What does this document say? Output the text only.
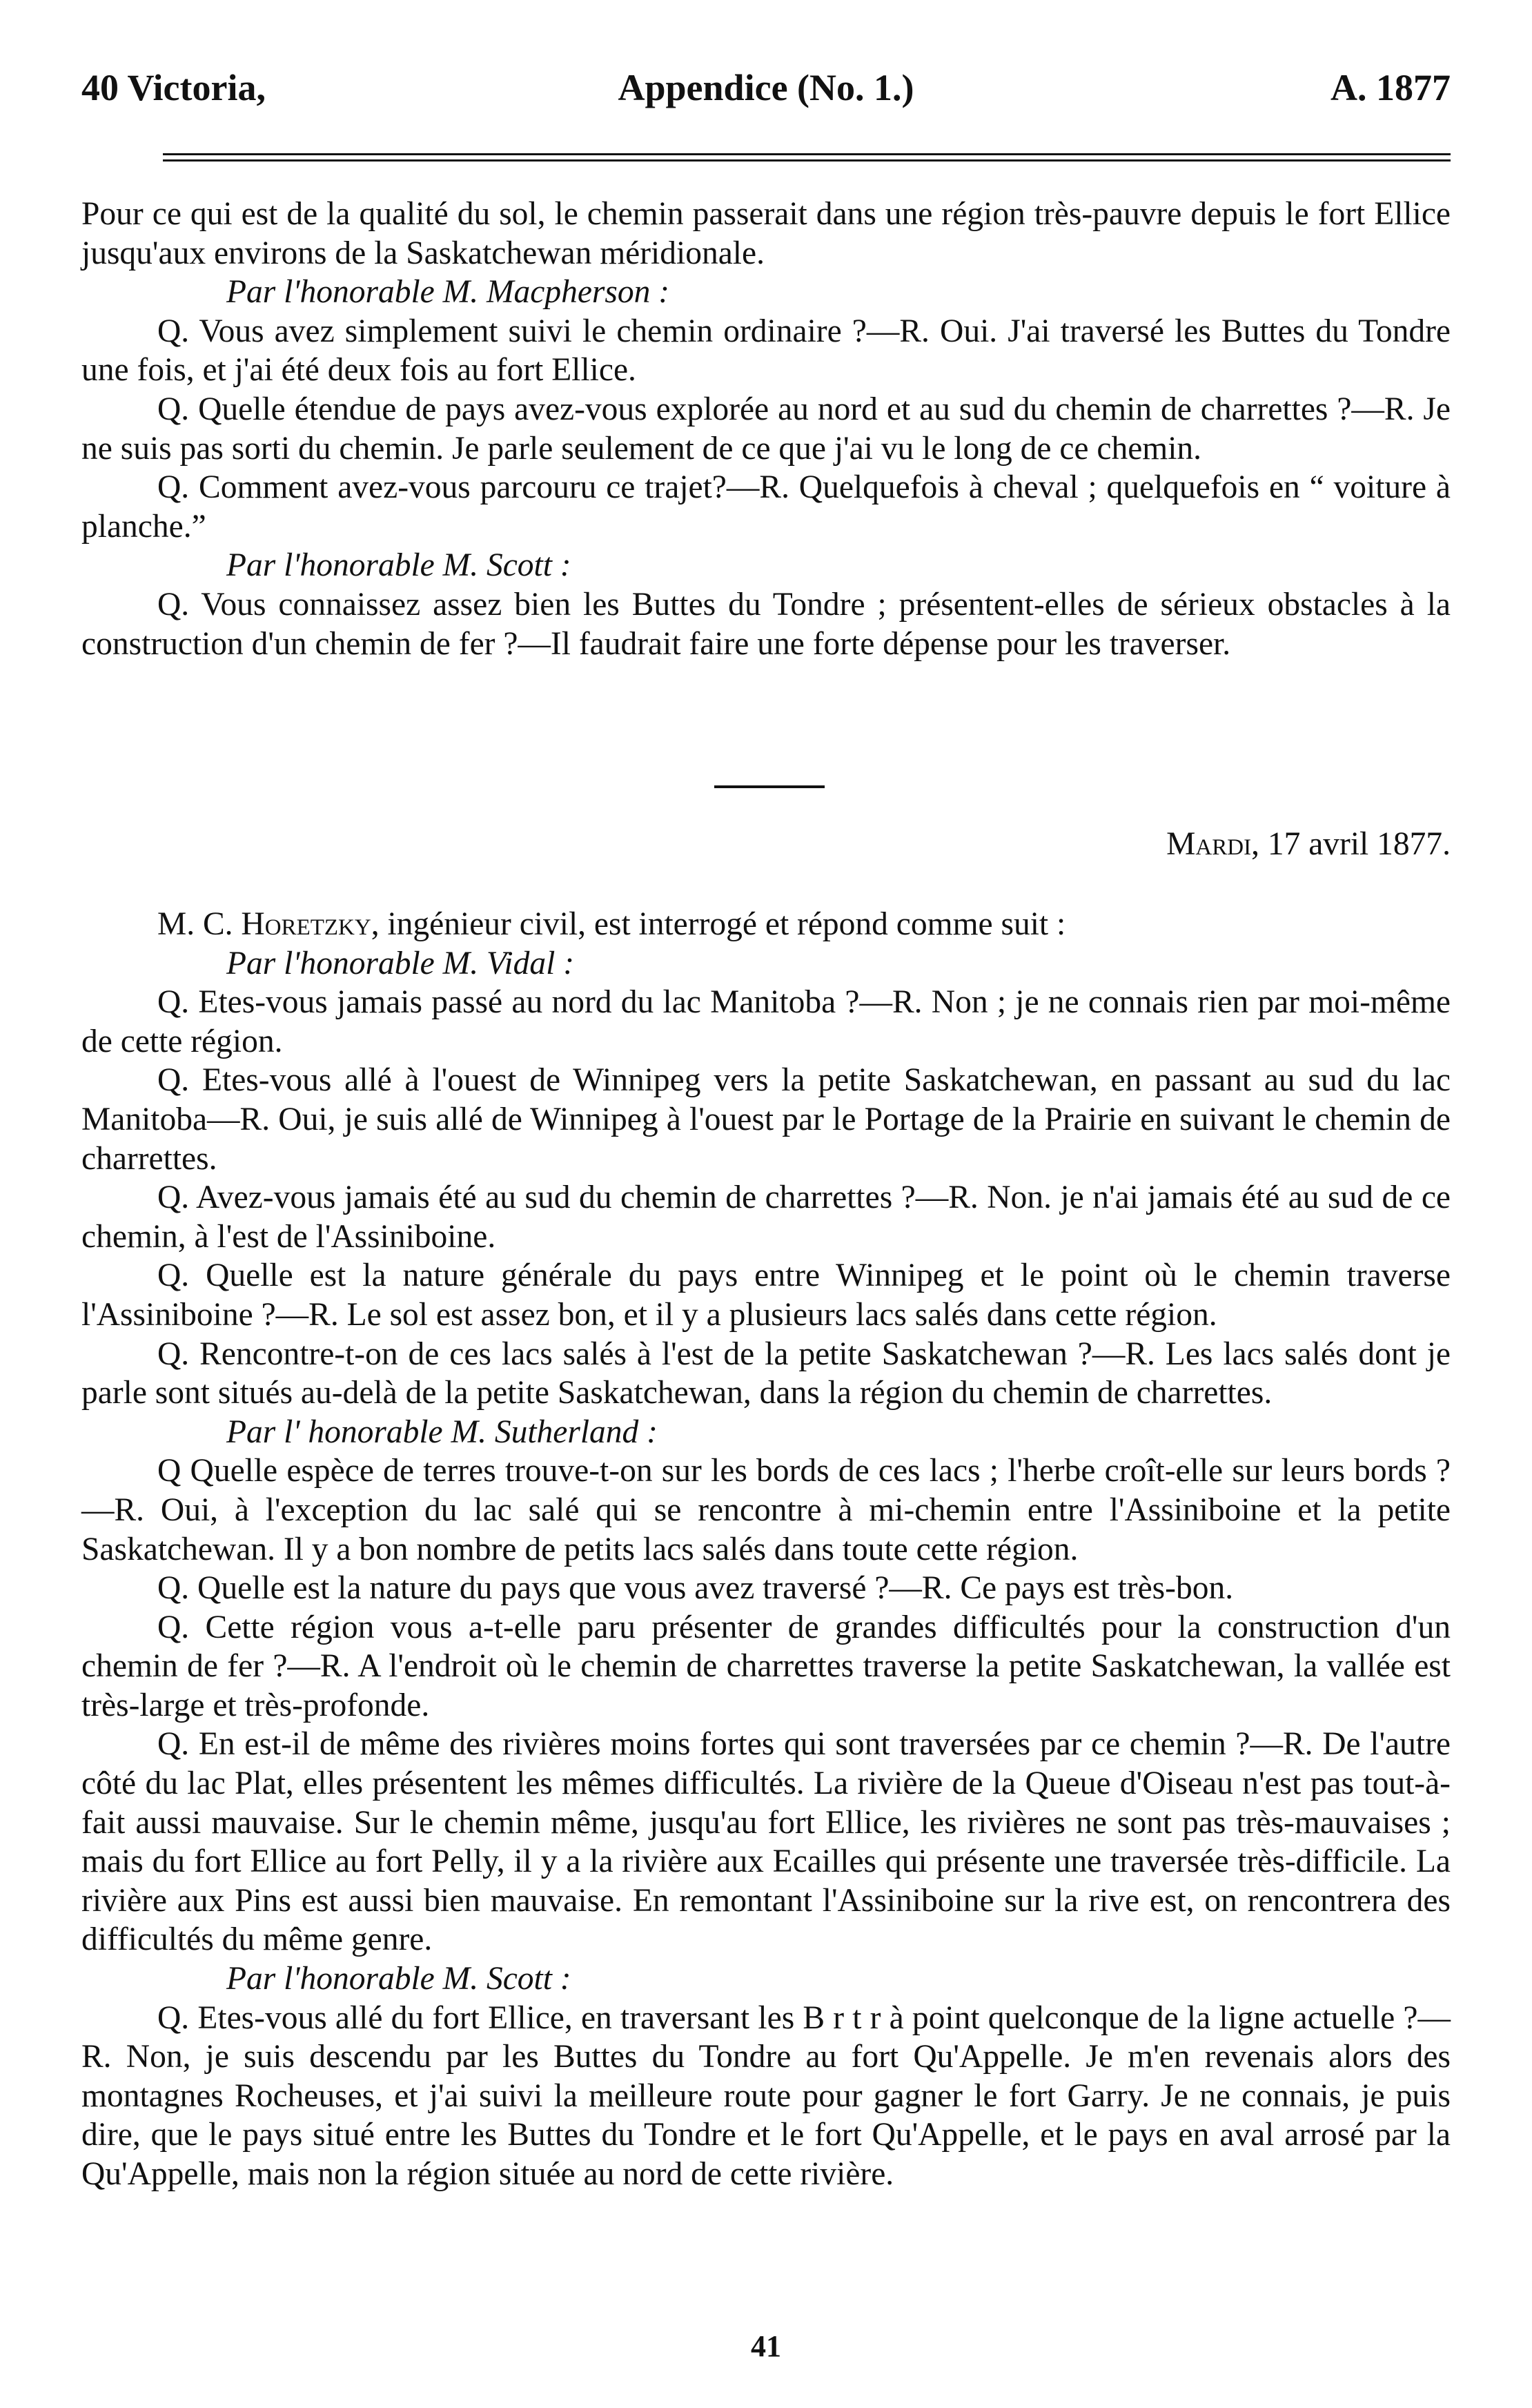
40 Victoria,	Appendice (No. 1.)	A. 1877

Pour ce qui est de la qualité du sol, le chemin passerait dans une région très-pauvre depuis le fort Ellice jusqu'aux environs de la Saskatchewan méridionale.

Par l'honorable M. Macpherson :

Q. Vous avez simplement suivi le chemin ordinaire ?—R. Oui. J'ai traversé les Buttes du Tondre une fois, et j'ai été deux fois au fort Ellice.

Q. Quelle étendue de pays avez-vous explorée au nord et au sud du chemin de charrettes ?—R. Je ne suis pas sorti du chemin. Je parle seulement de ce que j'ai vu le long de ce chemin.

Q. Comment avez-vous parcouru ce trajet?—R. Quelquefois à cheval ; quelquefois en “ voiture à planche.”

Par l'honorable M. Scott :

Q. Vous connaissez assez bien les Buttes du Tondre ; présentent-elles de sérieux obstacles à la construction d'un chemin de fer ?—Il faudrait faire une forte dépense pour les traverser.

Mardi, 17 avril 1877.

M. C. Horetzky, ingénieur civil, est interrogé et répond comme suit :

Par l'honorable M. Vidal :

Q. Etes-vous jamais passé au nord du lac Manitoba ?—R. Non ; je ne connais rien par moi-même de cette région.

Q. Etes-vous allé à l'ouest de Winnipeg vers la petite Saskatchewan, en passant au sud du lac Manitoba—R. Oui, je suis allé de Winnipeg à l'ouest par le Portage de la Prairie en suivant le chemin de charrettes.

Q. Avez-vous jamais été au sud du chemin de charrettes ?—R. Non. je n'ai jamais été au sud de ce chemin, à l'est de l'Assiniboine.

Q. Quelle est la nature générale du pays entre Winnipeg et le point où le chemin traverse l'Assiniboine ?—R. Le sol est assez bon, et il y a plusieurs lacs salés dans cette région.

Q. Rencontre-t-on de ces lacs salés à l'est de la petite Saskatchewan ?—R. Les lacs salés dont je parle sont situés au-delà de la petite Saskatchewan, dans la région du chemin de charrettes.

Par l' honorable M. Sutherland :

Q Quelle espèce de terres trouve-t-on sur les bords de ces lacs ; l'herbe croît-elle sur leurs bords ?—R. Oui, à l'exception du lac salé qui se rencontre à mi-chemin entre l'Assiniboine et la petite Saskatchewan. Il y a bon nombre de petits lacs salés dans toute cette région.

Q. Quelle est la nature du pays que vous avez traversé ?—R. Ce pays est très-bon.

Q. Cette région vous a-t-elle paru présenter de grandes difficultés pour la construction d'un chemin de fer ?—R. A l'endroit où le chemin de charrettes traverse la petite Saskatchewan, la vallée est très-large et très-profonde.

Q. En est-il de même des rivières moins fortes qui sont traversées par ce chemin ?—R. De l'autre côté du lac Plat, elles présentent les mêmes difficultés. La rivière de la Queue d'Oiseau n'est pas tout-à-fait aussi mauvaise. Sur le chemin même, jusqu'au fort Ellice, les rivières ne sont pas très-mauvaises ; mais du fort Ellice au fort Pelly, il y a la rivière aux Ecailles qui présente une traversée très-difficile. La rivière aux Pins est aussi bien mauvaise. En remontant l'Assiniboine sur la rive est, on rencontrera des difficultés du même genre.

Par l'honorable M. Scott :

Q. Etes-vous allé du fort Ellice, en traversant les B r t r à point quelconque de la ligne actuelle ?—R. Non, je suis descendu par les Buttes du Tondre au fort Qu'Appelle. Je m'en revenais alors des montagnes Rocheuses, et j'ai suivi la meilleure route pour gagner le fort Garry. Je ne connais, je puis dire, que le pays situé entre les Buttes du Tondre et le fort Qu'Appelle, et le pays en aval arrosé par la Qu'Appelle, mais non la région située au nord de cette rivière.

41
